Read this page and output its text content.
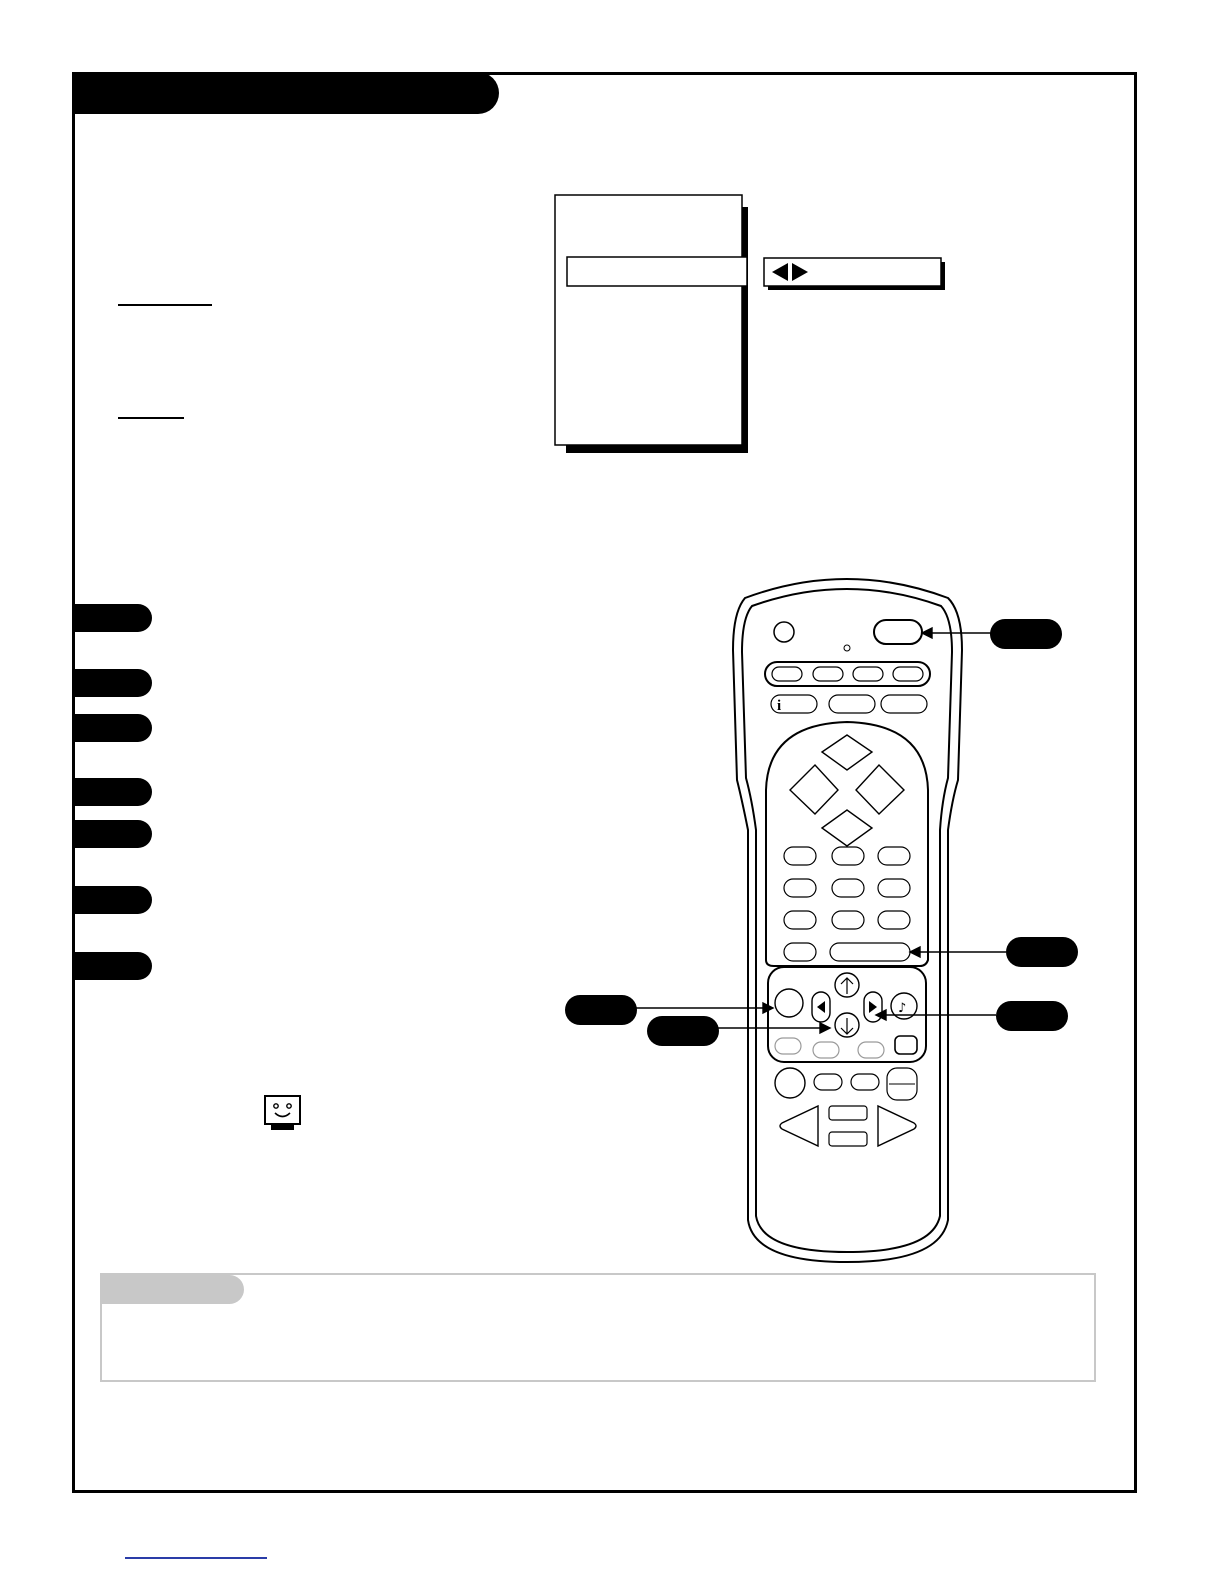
i
♪
